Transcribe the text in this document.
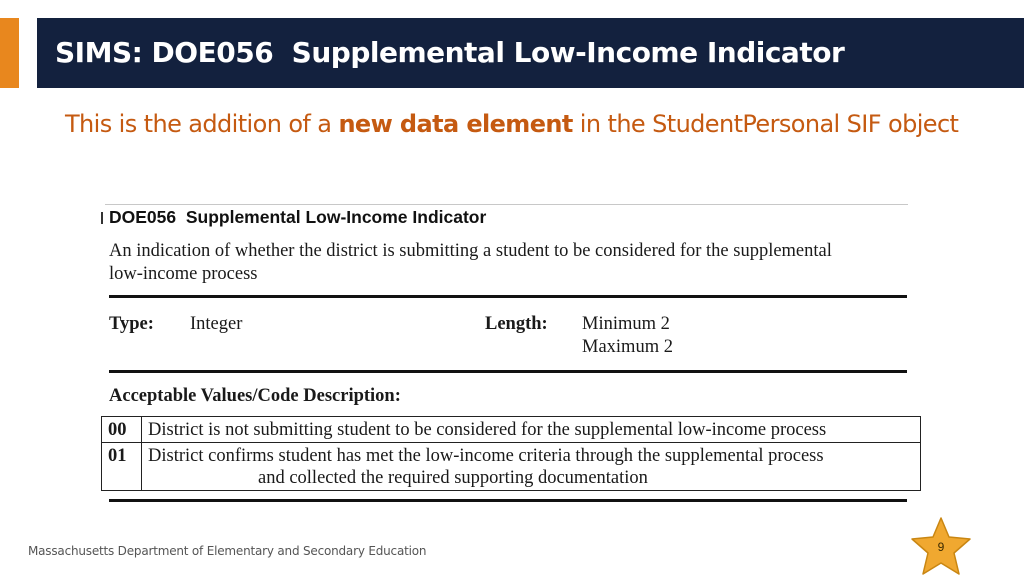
SIMS: DOE056  Supplemental Low-Income Indicator
This is the addition of a new data element in the StudentPersonal SIF object
DOE056  Supplemental Low-Income Indicator
An indication of whether the district is submitting a student to be considered for the supplemental
low-income process
Type: Integer	Length: Minimum 2
Maximum 2
Acceptable Values/Code Description:
00	District is not submitting student to be considered for the supplemental low-income process
01	District confirms student has met the low-income criteria through the supplemental process
and collected the required supporting documentation
Massachusetts Department of Elementary and Secondary Education	9
